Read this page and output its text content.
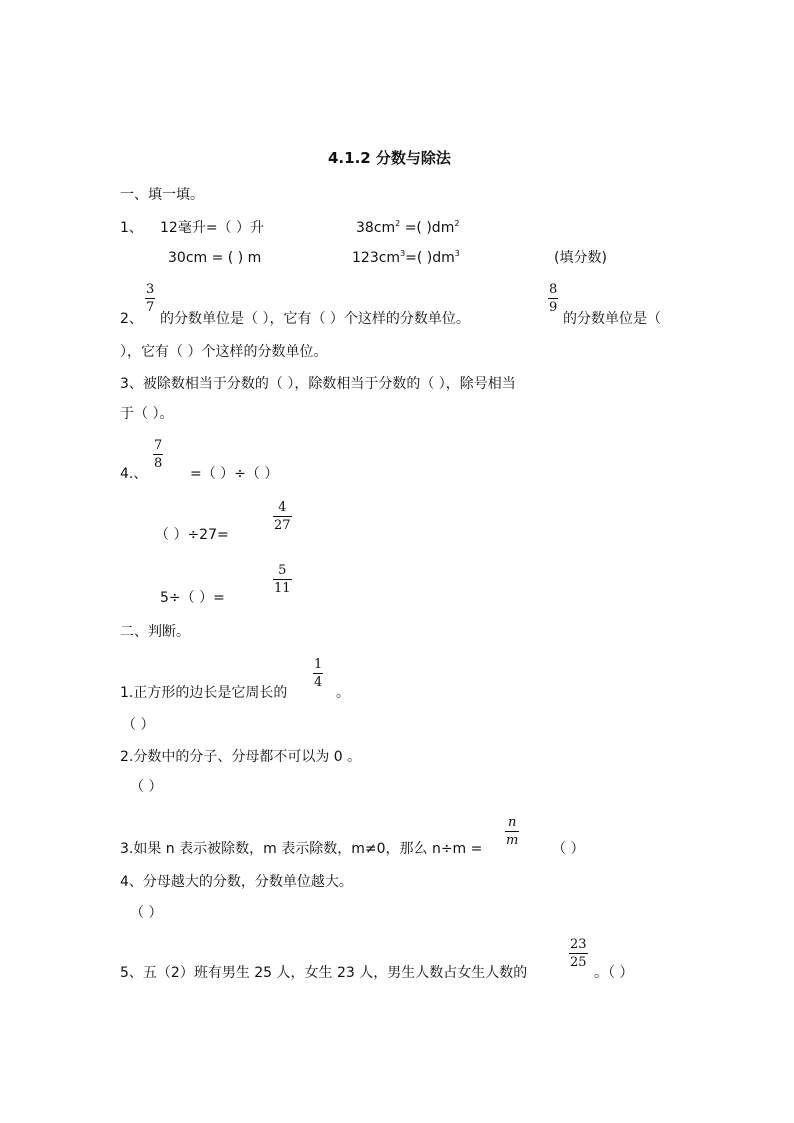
4.1.2 分数与除法
一、填一填。
1、 12毫升=（ ）升	$38cm^2$ =( )$dm^2$
30cm = ( ) m	$123cm^3=$( )$dm^3$	(填分数)
2、
3
7
的分数单位是（ ），它有（ ）个这样的分数单位。
8
9
的分数单位是（
），它有（ ）个这样的分数单位。
3、被除数相当于分数的（ ），除数相当于分数的（ ），除号相当
于（ ）。
4.、
7
8
=（ ）÷（ ）
（ ）÷27=
4
27
5÷（ ）=
5
11
二、判断。
1.正方形的边长是它周长的
1
4
。
（ ）
2.分数中的分子、分母都不可以为 0 。
（ ）
3.如果 n 表示被除数，m 表示除数，m≠0，那么 n÷m =
n
m
（ ）
4、分母越大的分数，分数单位越大。
（ ）
5、五（2）班有男生 25 人，女生 23 人，男生人数占女生人数的
23
25
。（ ）
